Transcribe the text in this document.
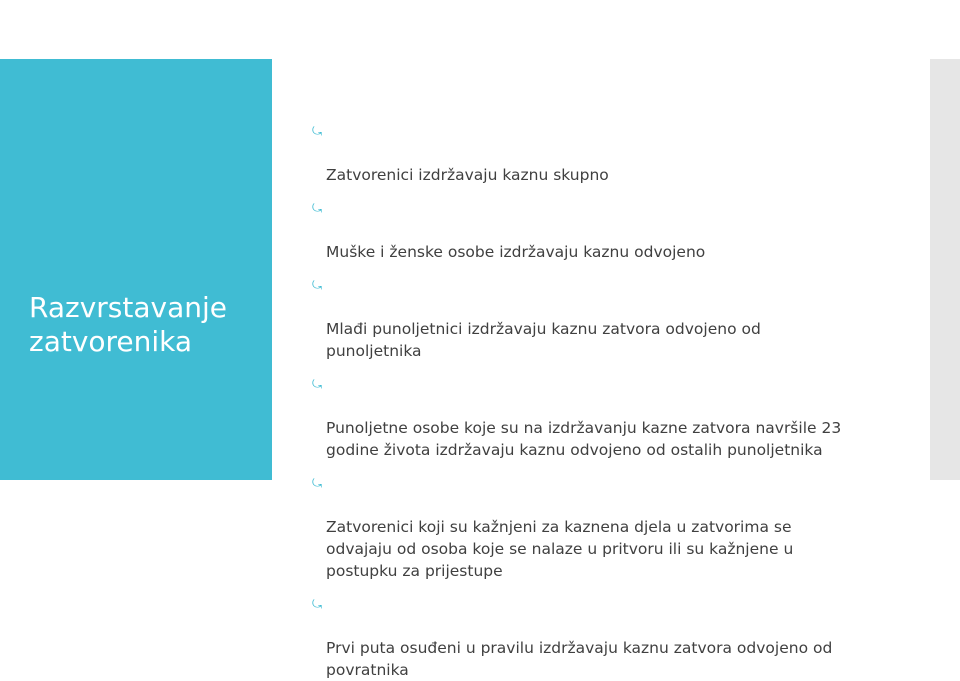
Razvrstavanje zatvorenika

⤿

Zatvorenici izdržavaju kaznu skupno

⤿

Muške i ženske osobe izdržavaju kaznu odvojeno

⤿

Mlađi punoljetnici izdržavaju kaznu zatvora odvojeno od
punoljetnika

⤿

Punoljetne osobe koje su na izdržavanju kazne zatvora navršile 23
godine života izdržavaju kaznu odvojeno od ostalih punoljetnika

⤿

Zatvorenici koji su kažnjeni za kaznena djela u zatvorima se
odvajaju od osoba koje se nalaze u pritvoru ili su kažnjene u
postupku za prijestupe

⤿

Prvi puta osuđeni u pravilu izdržavaju kaznu zatvora odvojeno od
povratnika
